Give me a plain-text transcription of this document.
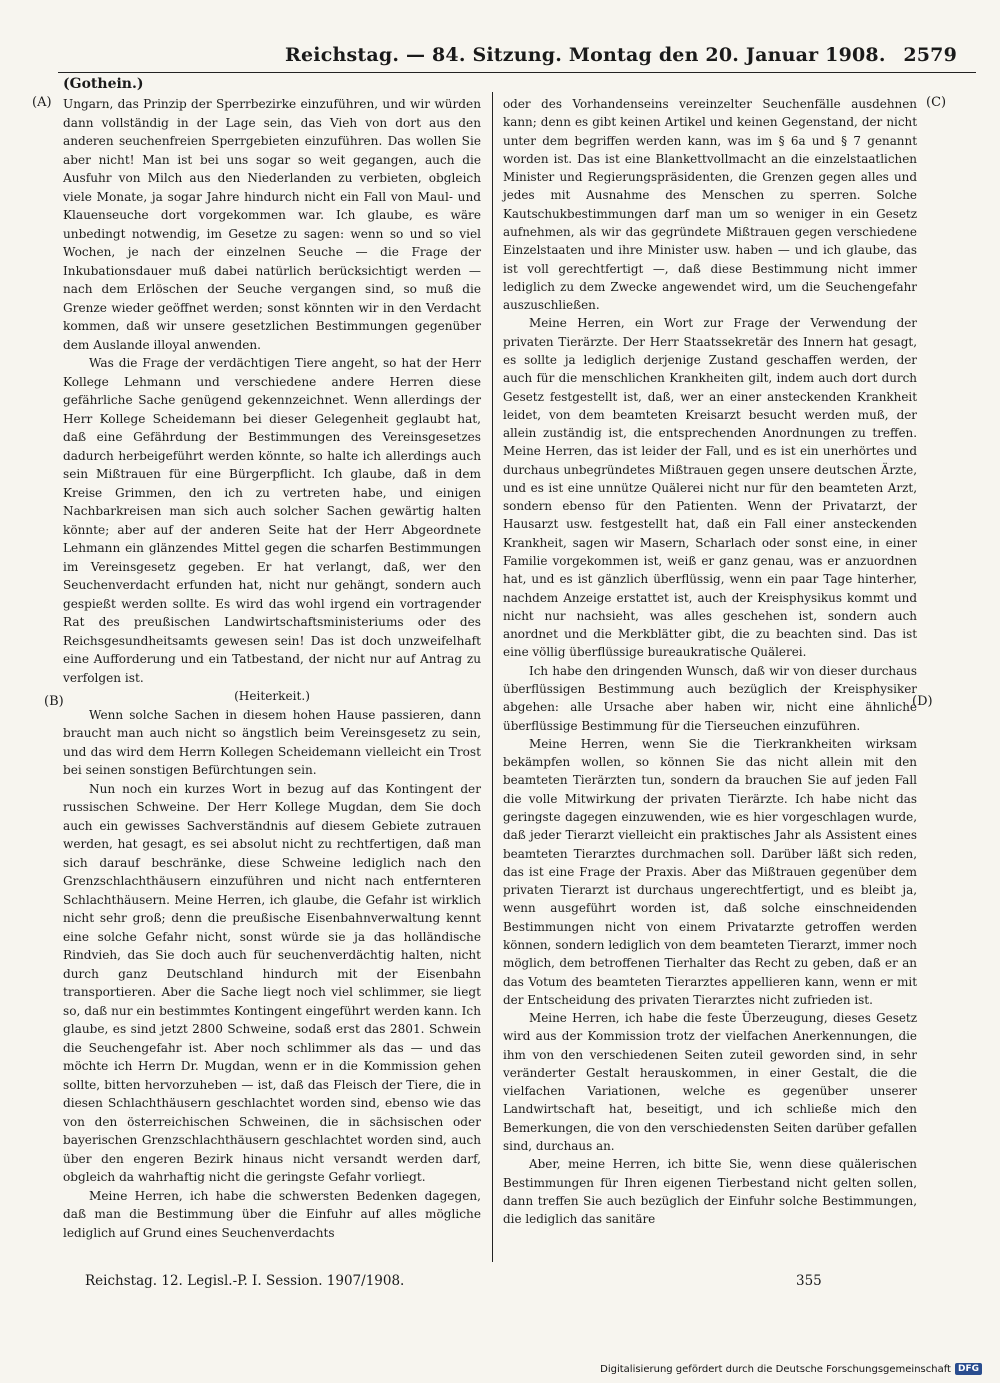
Reichstag. — 84. Sitzung. Montag den 20. Januar 1908. 2579
(Gothein.)

Ungarn, das Prinzip der Sperrbezirke einzuführen, und wir würden dann vollständig in der Lage sein, das Vieh von dort aus den anderen seuchenfreien Sperrgebieten einzuführen. Das wollen Sie aber nicht! Man ist bei uns sogar so weit gegangen, auch die Ausfuhr von Milch aus den Niederlanden zu verbieten, obgleich viele Monate, ja sogar Jahre hindurch nicht ein Fall von Maul- und Klauenseuche dort vorgekommen war. Ich glaube, es wäre unbedingt notwendig, im Gesetze zu sagen: wenn so und so viel Wochen, je nach der einzelnen Seuche — die Frage der Inkubationsdauer muß dabei natürlich berücksichtigt werden — nach dem Erlöschen der Seuche vergangen sind, so muß die Grenze wieder geöffnet werden; sonst könnten wir in den Verdacht kommen, daß wir unsere gesetzlichen Bestimmungen gegenüber dem Auslande illoyal anwenden.

Was die Frage der verdächtigen Tiere angeht, so hat der Herr Kollege Lehmann und verschiedene andere Herren diese gefährliche Sache genügend gekennzeichnet. Wenn allerdings der Herr Kollege Scheidemann bei dieser Gelegenheit geglaubt hat, daß eine Gefährdung der Bestimmungen des Vereinsgesetzes dadurch herbeigeführt werden könnte, so halte ich allerdings auch sein Mißtrauen für eine Bürgerpflicht. Ich glaube, daß in dem Kreise Grimmen, den ich zu vertreten habe, und einigen Nachbarkreisen man sich auch solcher Sachen gewärtig halten könnte; aber auf der anderen Seite hat der Herr Abgeordnete Lehmann ein glänzendes Mittel gegen die scharfen Bestimmungen im Vereinsgesetz gegeben. Er hat verlangt, daß, wer den Seuchenverdacht erfunden hat, nicht nur gehängt, sondern auch gespießt werden sollte. Es wird das wohl irgend ein vortragender Rat des preußischen Landwirtschaftsministeriums oder des Reichsgesundheitsamts gewesen sein! Das ist doch unzweifelhaft eine Aufforderung und ein Tatbestand, der nicht nur auf Antrag zu verfolgen ist.

(Heiterkeit.)

Wenn solche Sachen in diesem hohen Hause passieren, dann braucht man auch nicht so ängstlich beim Vereinsgesetz zu sein, und das wird dem Herrn Kollegen Scheidemann vielleicht ein Trost bei seinen sonstigen Befürchtungen sein.

Nun noch ein kurzes Wort in bezug auf das Kontingent der russischen Schweine. Der Herr Kollege Mugdan, dem Sie doch auch ein gewisses Sachverständnis auf diesem Gebiete zutrauen werden, hat gesagt, es sei absolut nicht zu rechtfertigen, daß man sich darauf beschränke, diese Schweine lediglich nach den Grenzschlachthäusern einzuführen und nicht nach entfernteren Schlachthäusern. Meine Herren, ich glaube, die Gefahr ist wirklich nicht sehr groß; denn die preußische Eisenbahnverwaltung kennt eine solche Gefahr nicht, sonst würde sie ja das holländische Rindvieh, das Sie doch auch für seuchenverdächtig halten, nicht durch ganz Deutschland hindurch mit der Eisenbahn transportieren. Aber die Sache liegt noch viel schlimmer, sie liegt so, daß nur ein bestimmtes Kontingent eingeführt werden kann. Ich glaube, es sind jetzt 2800 Schweine, sodaß erst das 2801. Schwein die Seuchengefahr ist. Aber noch schlimmer als das — und das möchte ich Herrn Dr. Mugdan, wenn er in die Kommission gehen sollte, bitten hervorzuheben — ist, daß das Fleisch der Tiere, die in diesen Schlachthäusern geschlachtet worden sind, ebenso wie das von den österreichischen Schweinen, die in sächsischen oder bayerischen Grenzschlachthäusern geschlachtet worden sind, auch über den engeren Bezirk hinaus nicht versandt werden darf, obgleich da wahrhaftig nicht die geringste Gefahr vorliegt.

Meine Herren, ich habe die schwersten Bedenken dagegen, daß man die Bestimmung über die Einfuhr auf alles mögliche lediglich auf Grund eines Seuchenverdachts

oder des Vorhandenseins vereinzelter Seuchenfälle ausdehnen kann; denn es gibt keinen Artikel und keinen Gegenstand, der nicht unter dem begriffen werden kann, was im § 6a und § 7 genannt worden ist. Das ist eine Blankettvollmacht an die einzelstaatlichen Minister und Regierungspräsidenten, die Grenzen gegen alles und jedes mit Ausnahme des Menschen zu sperren. Solche Kautschukbestimmungen darf man um so weniger in ein Gesetz aufnehmen, als wir das gegründete Mißtrauen gegen verschiedene Einzelstaaten und ihre Minister usw. haben — und ich glaube, das ist voll gerechtfertigt —, daß diese Bestimmung nicht immer lediglich zu dem Zwecke angewendet wird, um die Seuchengefahr auszuschließen.

Meine Herren, ein Wort zur Frage der Verwendung der privaten Tierärzte. Der Herr Staatssekretär des Innern hat gesagt, es sollte ja lediglich derjenige Zustand geschaffen werden, der auch für die menschlichen Krankheiten gilt, indem auch dort durch Gesetz festgestellt ist, daß, wer an einer ansteckenden Krankheit leidet, von dem beamteten Kreisarzt besucht werden muß, der allein zuständig ist, die entsprechenden Anordnungen zu treffen. Meine Herren, das ist leider der Fall, und es ist ein unerhörtes und durchaus unbegründetes Mißtrauen gegen unsere deutschen Ärzte, und es ist eine unnütze Quälerei nicht nur für den beamteten Arzt, sondern ebenso für den Patienten. Wenn der Privatarzt, der Hausarzt usw. festgestellt hat, daß ein Fall einer ansteckenden Krankheit, sagen wir Masern, Scharlach oder sonst eine, in einer Familie vorgekommen ist, weiß er ganz genau, was er anzuordnen hat, und es ist gänzlich überflüssig, wenn ein paar Tage hinterher, nachdem Anzeige erstattet ist, auch der Kreisphysikus kommt und nicht nur nachsieht, was alles geschehen ist, sondern auch anordnet und die Merkblätter gibt, die zu beachten sind. Das ist eine völlig überflüssige bureaukratische Quälerei.

Ich habe den dringenden Wunsch, daß wir von dieser durchaus überflüssigen Bestimmung auch bezüglich der Kreisphysiker abgehen: alle Ursache aber haben wir, nicht eine ähnliche überflüssige Bestimmung für die Tierseuchen einzuführen.

Meine Herren, wenn Sie die Tierkrankheiten wirksam bekämpfen wollen, so können Sie das nicht allein mit den beamteten Tierärzten tun, sondern da brauchen Sie auf jeden Fall die volle Mitwirkung der privaten Tierärzte. Ich habe nicht das geringste dagegen einzuwenden, wie es hier vorgeschlagen wurde, daß jeder Tierarzt vielleicht ein praktisches Jahr als Assistent eines beamteten Tierarztes durchmachen soll. Darüber läßt sich reden, das ist eine Frage der Praxis. Aber das Mißtrauen gegenüber dem privaten Tierarzt ist durchaus ungerechtfertigt, und es bleibt ja, wenn ausgeführt worden ist, daß solche einschneidenden Bestimmungen nicht von einem Privatarzte getroffen werden können, sondern lediglich von dem beamteten Tierarzt, immer noch möglich, dem betroffenen Tierhalter das Recht zu geben, daß er an das Votum des beamteten Tierarztes appellieren kann, wenn er mit der Entscheidung des privaten Tierarztes nicht zufrieden ist.

Meine Herren, ich habe die feste Überzeugung, dieses Gesetz wird aus der Kommission trotz der vielfachen Anerkennungen, die ihm von den verschiedenen Seiten zuteil geworden sind, in sehr veränderter Gestalt herauskommen, in einer Gestalt, die die vielfachen Variationen, welche es gegenüber unserer Landwirtschaft hat, beseitigt, und ich schließe mich den Bemerkungen, die von den verschiedensten Seiten darüber gefallen sind, durchaus an.

Aber, meine Herren, ich bitte Sie, wenn diese quälerischen Bestimmungen für Ihren eigenen Tierbestand nicht gelten sollen, dann treffen Sie auch bezüglich der Einfuhr solche Bestimmungen, die lediglich das sanitäre

(A)
(B)
(C)
(D)
Reichstag. 12. Legisl.-P. I. Session. 1907/1908.	355
Digitalisierung gefördert durch die Deutsche Forschungsgemeinschaft DFG
